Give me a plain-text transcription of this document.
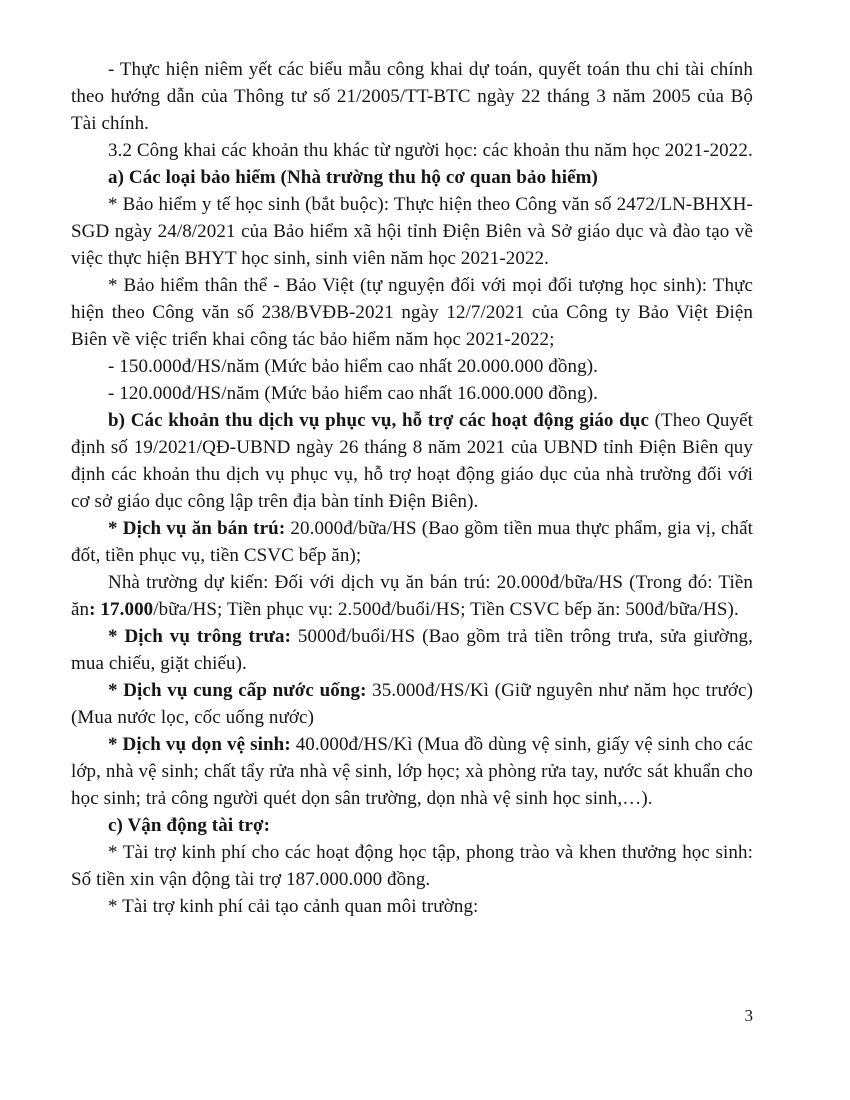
- Thực hiện niêm yết các biểu mẫu công khai dự toán, quyết toán thu chi tài chính theo hướng dẫn của Thông tư số 21/2005/TT-BTC ngày 22 tháng 3 năm 2005 của Bộ Tài chính.

3.2 Công khai các khoản thu khác từ người học: các khoản thu năm học 2021-2022.

a) Các loại bảo hiểm (Nhà trường thu hộ cơ quan bảo hiểm)

* Bảo hiểm y tế học sinh (bắt buộc): Thực hiện theo Công văn số 2472/LN-BHXH-SGD ngày 24/8/2021 của Bảo hiểm xã hội tỉnh Điện Biên và Sở giáo dục và đào tạo về việc thực hiện BHYT học sinh, sinh viên năm học 2021-2022.

* Bảo hiểm thân thể - Bảo Việt (tự nguyện đối với mọi đối tượng học sinh): Thực hiện theo Công văn số 238/BVĐB-2021 ngày 12/7/2021 của Công ty Bảo Việt Điện Biên về việc triển khai công tác bảo hiểm năm học 2021-2022;

- 150.000đ/HS/năm (Mức bảo hiểm cao nhất 20.000.000 đồng).

- 120.000đ/HS/năm (Mức bảo hiểm cao nhất 16.000.000 đồng).

b) Các khoản thu dịch vụ phục vụ, hỗ trợ các hoạt động giáo dục (Theo Quyết định số 19/2021/QĐ-UBND ngày 26 tháng 8 năm 2021 của UBND tỉnh Điện Biên quy định các khoản thu dịch vụ phục vụ, hỗ trợ hoạt động giáo dục của nhà trường đối với cơ sở giáo dục công lập trên địa bàn tỉnh Điện Biên).

* Dịch vụ ăn bán trú: 20.000đ/bữa/HS (Bao gồm tiền mua thực phẩm, gia vị, chất đốt, tiền phục vụ, tiền CSVC bếp ăn);

Nhà trường dự kiến: Đối với dịch vụ ăn bán trú: 20.000đ/bữa/HS (Trong đó: Tiền ăn: 17.000/bữa/HS; Tiền phục vụ: 2.500đ/buổi/HS; Tiền CSVC bếp ăn: 500đ/bữa/HS).

* Dịch vụ trông trưa: 5000đ/buổi/HS (Bao gồm trả tiền trông trưa, sửa giường, mua chiếu, giặt chiếu).

* Dịch vụ cung cấp nước uống: 35.000đ/HS/Kì (Giữ nguyên như năm học trước) (Mua nước lọc, cốc uống nước)

* Dịch vụ dọn vệ sinh: 40.000đ/HS/Kì (Mua đồ dùng vệ sinh, giấy vệ sinh cho các lớp, nhà vệ sinh; chất tẩy rửa nhà vệ sinh, lớp học; xà phòng rửa tay, nước sát khuẩn cho học sinh; trả công người quét dọn sân trường, dọn nhà vệ sinh học sinh,…).

c) Vận động tài trợ:

* Tài trợ kinh phí cho các hoạt động học tập, phong trào và khen thưởng học sinh: Số tiền xin vận động tài trợ 187.000.000 đồng.

* Tài trợ kinh phí cải tạo cảnh quan môi trường:

3
